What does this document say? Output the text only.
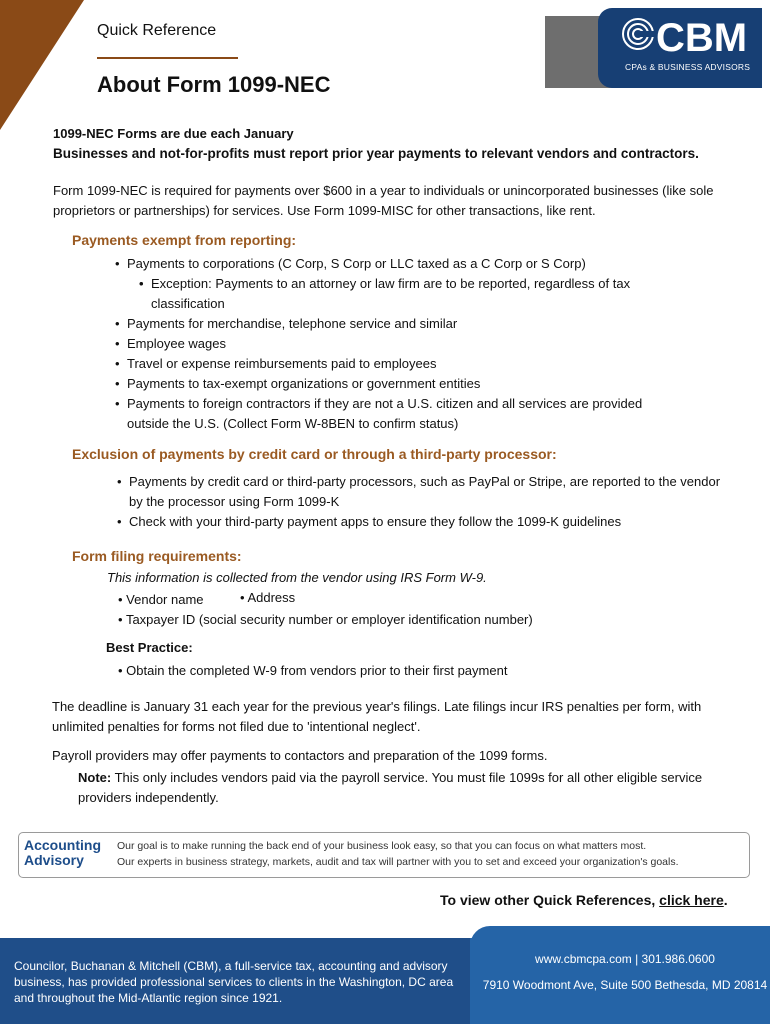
CBM
CPAs & BUSINESS ADVISORS
Quick Reference
About Form 1099-NEC
1099-NEC Forms are due each January
Businesses and not-for-profits must report prior year payments to relevant vendors and contractors.
Form 1099-NEC is required for payments over $600 in a year to individuals or unincorporated businesses (like sole proprietors or partnerships) for services. Use Form 1099-MISC for other transactions, like rent.
Payments exempt from reporting:
• Payments to corporations (C Corp, S Corp or LLC taxed as a C Corp or S Corp)
• Exception: Payments to an attorney or law firm are to be reported, regardless of tax classification
• Payments for merchandise, telephone service and similar
• Employee wages
• Travel or expense reimbursements paid to employees
• Payments to tax-exempt organizations or government entities
• Payments to foreign contractors if they are not a U.S. citizen and all services are provided outside the U.S. (Collect Form W-8BEN to confirm status)
Exclusion of payments by credit card or through a third-party processor:
• Payments by credit card or third-party processors, such as PayPal or Stripe, are reported to the vendor by the processor using Form 1099-K
• Check with your third-party payment apps to ensure they follow the 1099-K guidelines
Form filing requirements:
This information is collected from the vendor using IRS Form W-9.
• Vendor name	• Address
• Taxpayer ID (social security number or employer identification number)
Best Practice:
• Obtain the completed W-9 from vendors prior to their first payment
The deadline is January 31 each year for the previous year's filings. Late filings incur IRS penalties per form, with unlimited penalties for forms not filed due to 'intentional neglect'.
Payroll providers may offer payments to contactors and preparation of the 1099 forms.
Note: This only includes vendors paid via the payroll service. You must file 1099s for all other eligible service providers independently.
Accounting
Advisory
Our goal is to make running the back end of your business look easy, so that you can focus on what matters most.
Our experts in business strategy, markets, audit and tax will partner with you to set and exceed your organization's goals.
To view other Quick References, click here.
Councilor, Buchanan & Mitchell (CBM), a full-service tax, accounting and advisory business, has provided professional services to clients in the Washington, DC area and throughout the Mid-Atlantic region since 1921.
www.cbmcpa.com | 301.986.0600
7910 Woodmont Ave, Suite 500 Bethesda, MD 20814
